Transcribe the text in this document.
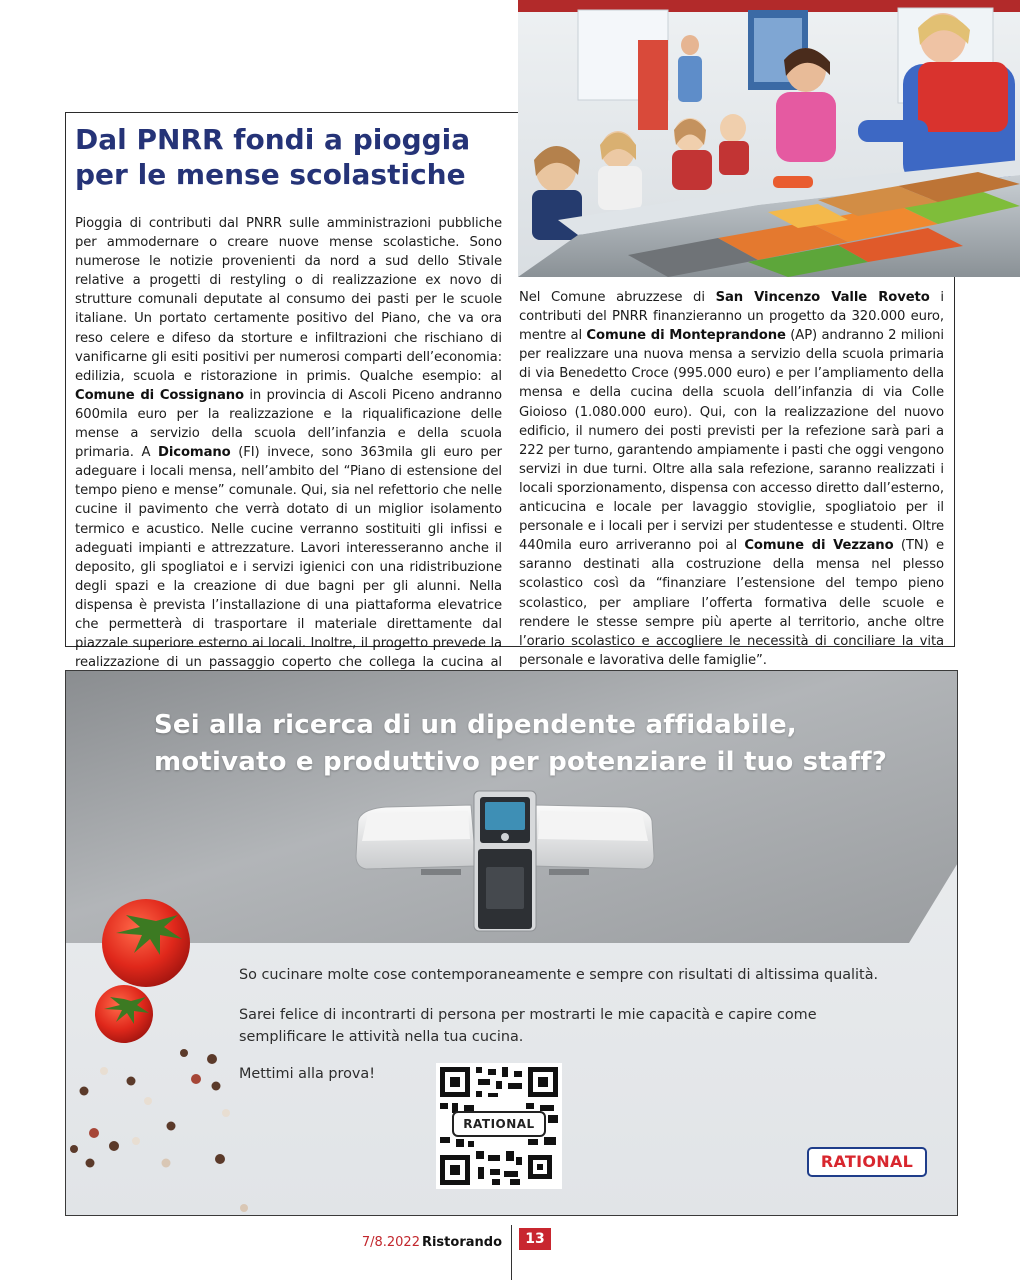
Dal PNRR fondi a pioggia per le mense scolastiche

Pioggia di contributi dal PNRR sulle amministrazioni pubbliche per ammodernare o creare nuove mense scolastiche. Sono numerose le notizie provenienti da nord a sud dello Stivale relative a progetti di restyling o di realizzazione ex novo di strutture comunali deputate al consumo dei pasti per le scuole italiane. Un portato certamente positivo del Piano, che va ora reso celere e difeso da storture e infiltrazioni che rischiano di vanificarne gli esiti positivi per numerosi comparti dell’economia: edilizia, scuola e ristorazione in primis. Qualche esempio: al Comune di Cossignano in provincia di Ascoli Piceno andranno 600mila euro per la realizzazione e la riqualificazione delle mense a servizio della scuola dell’infanzia e della scuola primaria. A Dicomano (FI) invece, sono 363mila gli euro per adeguare i locali mensa, nell’ambito del “Piano di estensione del tempo pieno e mense” comunale. Qui, sia nel refettorio che nelle cucine il pavimento che verrà dotato di un miglior isolamento termico e acustico. Nelle cucine verranno sostituiti gli infissi e adeguati impianti e attrezzature. Lavori interesseranno anche il deposito, gli spogliatoi e i servizi igienici con una ridistribuzione degli spazi e la creazione di due bagni per gli alunni. Nella dispensa è prevista l’installazione di una piattaforma elevatrice che permetterà di trasportare il materiale direttamente dal piazzale superiore esterno ai locali. Inoltre, il progetto prevede la realizzazione di un passaggio coperto che collega la cucina al

Nel Comune abruzzese di San Vincenzo Valle Roveto i contributi del PNRR finanzieranno un progetto da 320.000 euro, mentre al Comune di Monteprandone (AP) andranno 2 milioni per realizzare una nuova mensa a servizio della scuola primaria di via Benedetto Croce (995.000 euro) e per l’ampliamento della mensa e della cucina della scuola dell’infanzia di via Colle Gioioso (1.080.000 euro). Qui, con la realizzazione del nuovo edificio, il numero dei posti previsti per la refezione sarà pari a 222 per turno, garantendo ampiamente i pasti che oggi vengono servizi in due turni. Oltre alla sala refezione, saranno realizzati i locali sporzionamento, dispensa con accesso diretto dall’esterno, anticucina e locale per lavaggio stoviglie, spogliatoio per il personale e i locali per i servizi per studentesse e studenti. Oltre 440mila euro arriveranno poi al Comune di Vezzano (TN) e saranno destinati alla costruzione della mensa nel plesso scolastico così da “finanziare l’estensione del tempo pieno scolastico, per ampliare l’offerta formativa delle scuole e rendere le stesse sempre più aperte al territorio, anche oltre l’orario scolastico e accogliere le necessità di conciliare la vita personale e lavorativa delle famiglie”.

Sei alla ricerca di un dipendente affidabile, motivato e produttivo per potenziare il tuo staff?

So cucinare molte cose contemporaneamente e sempre con risultati di altissima qualità.

Sarei felice di incontrarti di persona per mostrarti le mie capacità e capire come semplificare le attività nella tua cucina.

Mettimi alla prova!

RATIONAL
RATIONAL
7/8.2022 Ristorando	13
